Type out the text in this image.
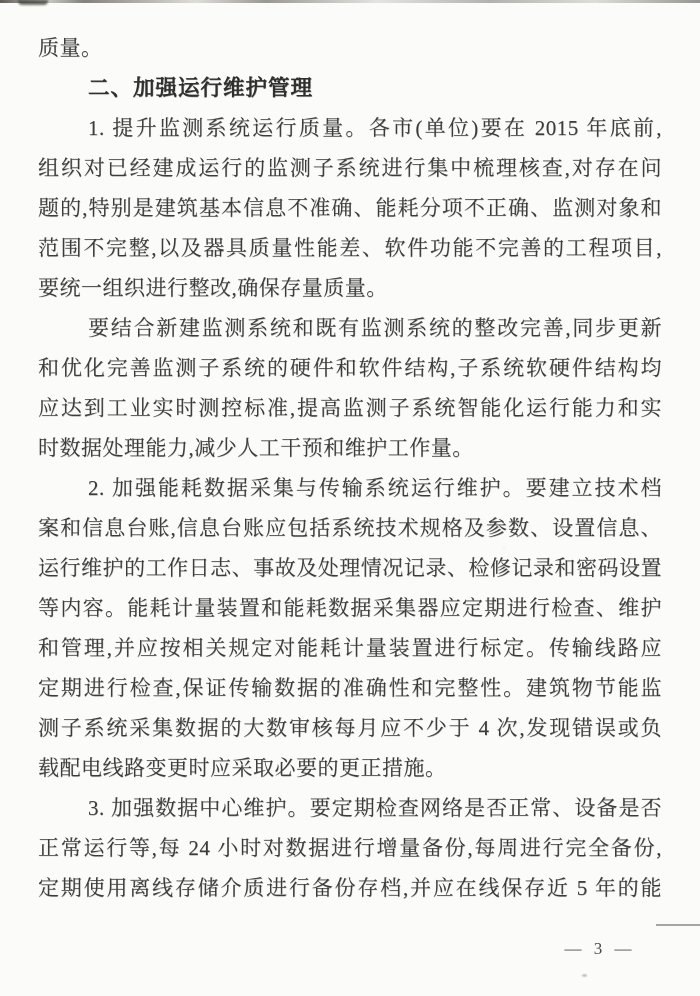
质量。
二、加强运行维护管理
1. 提升监测系统运行质量。各市(单位)要在 2015 年底前,
组织对已经建成运行的监测子系统进行集中梳理核查,对存在问
题的,特别是建筑基本信息不准确、能耗分项不正确、监测对象和
范围不完整,以及器具质量性能差、软件功能不完善的工程项目,
要统一组织进行整改,确保存量质量。
要结合新建监测系统和既有监测系统的整改完善,同步更新
和优化完善监测子系统的硬件和软件结构,子系统软硬件结构均
应达到工业实时测控标准,提高监测子系统智能化运行能力和实
时数据处理能力,减少人工干预和维护工作量。
2. 加强能耗数据采集与传输系统运行维护。要建立技术档
案和信息台账,信息台账应包括系统技术规格及参数、设置信息、
运行维护的工作日志、事故及处理情况记录、检修记录和密码设置
等内容。能耗计量装置和能耗数据采集器应定期进行检查、维护
和管理,并应按相关规定对能耗计量装置进行标定。传输线路应
定期进行检查,保证传输数据的准确性和完整性。建筑物节能监
测子系统采集数据的大数审核每月应不少于 4 次,发现错误或负
载配电线路变更时应采取必要的更正措施。
3. 加强数据中心维护。要定期检查网络是否正常、设备是否
正常运行等,每 24 小时对数据进行增量备份,每周进行完全备份,
定期使用离线存储介质进行备份存档,并应在线保存近 5 年的能
— 3 —
